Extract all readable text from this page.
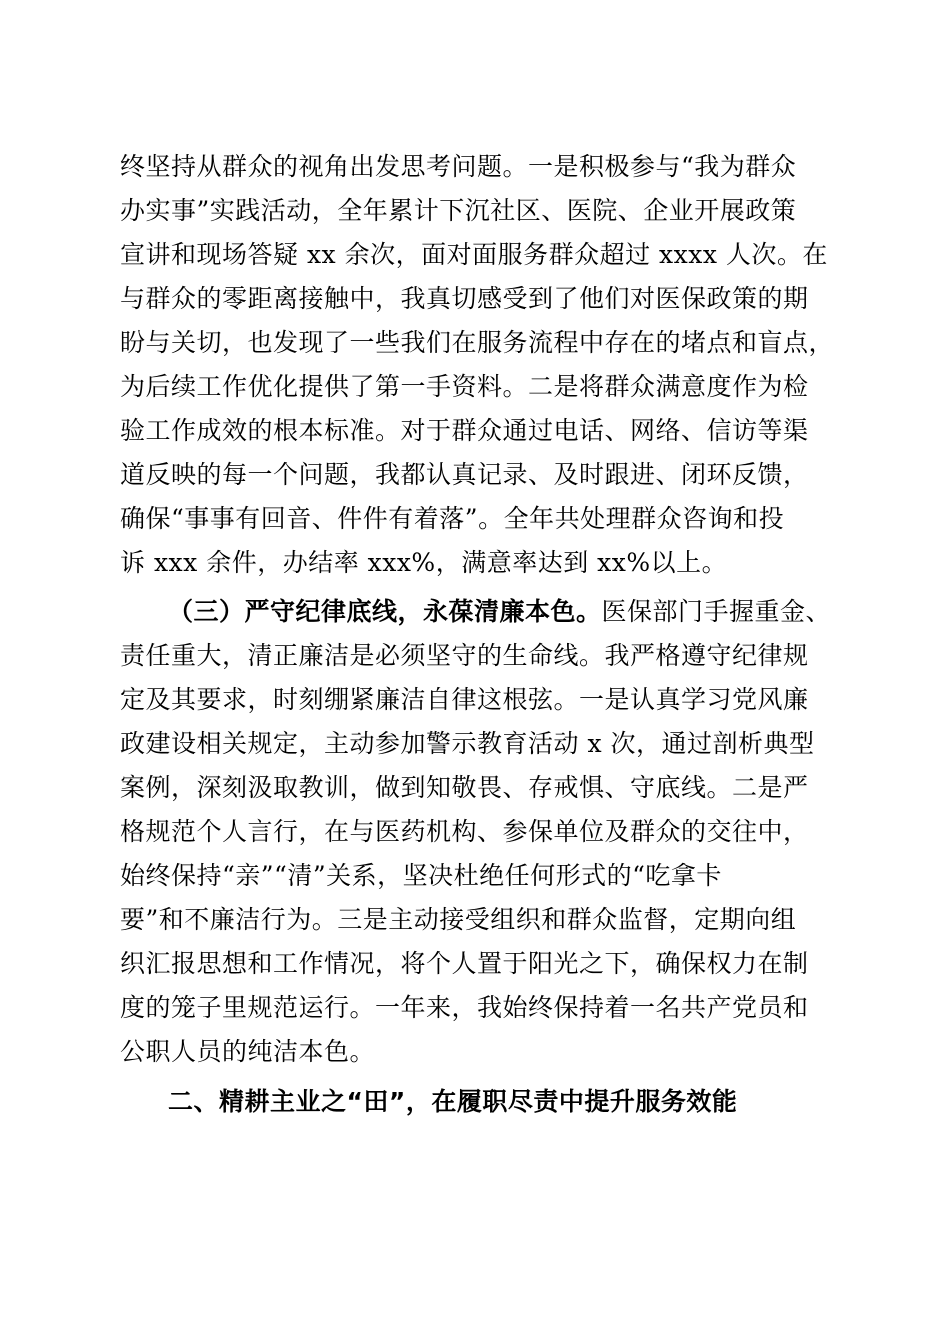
终坚持从群众的视角出发思考问题。一是积极参与“我为群众
办实事”实践活动，全年累计下沉社区、医院、企业开展政策
宣讲和现场答疑 xx 余次，面对面服务群众超过 xxxx 人次。在
与群众的零距离接触中，我真切感受到了他们对医保政策的期
盼与关切，也发现了一些我们在服务流程中存在的堵点和盲点，
为后续工作优化提供了第一手资料。二是将群众满意度作为检
验工作成效的根本标准。对于群众通过电话、网络、信访等渠
道反映的每一个问题，我都认真记录、及时跟进、闭环反馈，
确保“事事有回音、件件有着落”。全年共处理群众咨询和投
诉 xxx 余件，办结率 xxx%，满意率达到 xx%以上。
（三）严守纪律底线，永葆清廉本色。医保部门手握重金、
责任重大，清正廉洁是必须坚守的生命线。我严格遵守纪律规
定及其要求，时刻绷紧廉洁自律这根弦。一是认真学习党风廉
政建设相关规定，主动参加警示教育活动 x 次，通过剖析典型
案例，深刻汲取教训，做到知敬畏、存戒惧、守底线。二是严
格规范个人言行，在与医药机构、参保单位及群众的交往中，
始终保持“亲”“清”关系，坚决杜绝任何形式的“吃拿卡
要”和不廉洁行为。三是主动接受组织和群众监督，定期向组
织汇报思想和工作情况，将个人置于阳光之下，确保权力在制
度的笼子里规范运行。一年来，我始终保持着一名共产党员和
公职人员的纯洁本色。
二、精耕主业之“田”，在履职尽责中提升服务效能
